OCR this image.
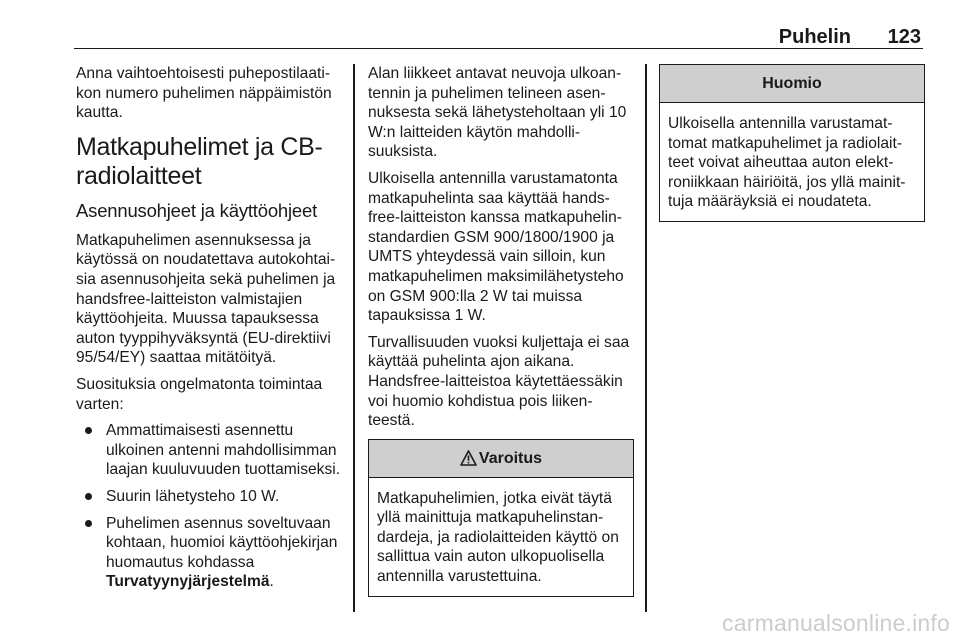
Puhelin 123

Anna vaihtoehtoisesti puhepostilaatikon numero puhelimen näppäimistön kautta.

Matkapuhelimet ja CB-radiolaitteet
Asennusohjeet ja käyttöohjeet

Matkapuhelimen asennuksessa ja käytössä on noudatettava autokohtaisia asennusohjeita sekä puhelimen ja handsfree-laitteiston valmistajien käyttöohjeita. Muussa tapauksessa auton tyyppihyväksyntä (EU-direktiivi 95/54/EY) saattaa mitätöityä.

Suosituksia ongelmatonta toimintaa varten:

Ammattimaisesti asennettu ulkoinen antenni mahdollisimman laajan kuuluvuuden tuottamiseksi.
Suurin lähetysteho 10 W.
Puhelimen asennus soveltuvaan kohtaan, huomioi käyttöohjekirjan huomautus kohdassa Turvatyynyjärjestelmä.

Alan liikkeet antavat neuvoja ulkoantennin ja puhelimen telineen asennuksesta sekä lähetysteholtaan yli 10 W:n laitteiden käytön mahdollisuuksista.

Ulkoisella antennilla varustamatonta matkapuhelinta saa käyttää handsfree-laitteiston kanssa matkapuhelinstandardien GSM 900/1800/1900 ja UMTS yhteydessä vain silloin, kun matkapuhelimen maksimilähetysteho on GSM 900:lla 2 W tai muissa tapauksissa 1 W.

Turvallisuuden vuoksi kuljettaja ei saa käyttää puhelinta ajon aikana. Handsfree-laitteistoa käytettäessäkin voi huomio kohdistua pois liikenteestä.

Varoitus
Matkapuhelimien, jotka eivät täytä yllä mainittuja matkapuhelinstandardeja, ja radiolaitteiden käyttö on sallittua vain auton ulkopuolisella antennilla varustettuina.
Huomio
Ulkoisella antennilla varustamattomat matkapuhelimet ja radiolaitteet voivat aiheuttaa auton elektroniikkaan häiriöitä, jos yllä mainittuja määräyksiä ei noudateta.
carmanualsonline.info
